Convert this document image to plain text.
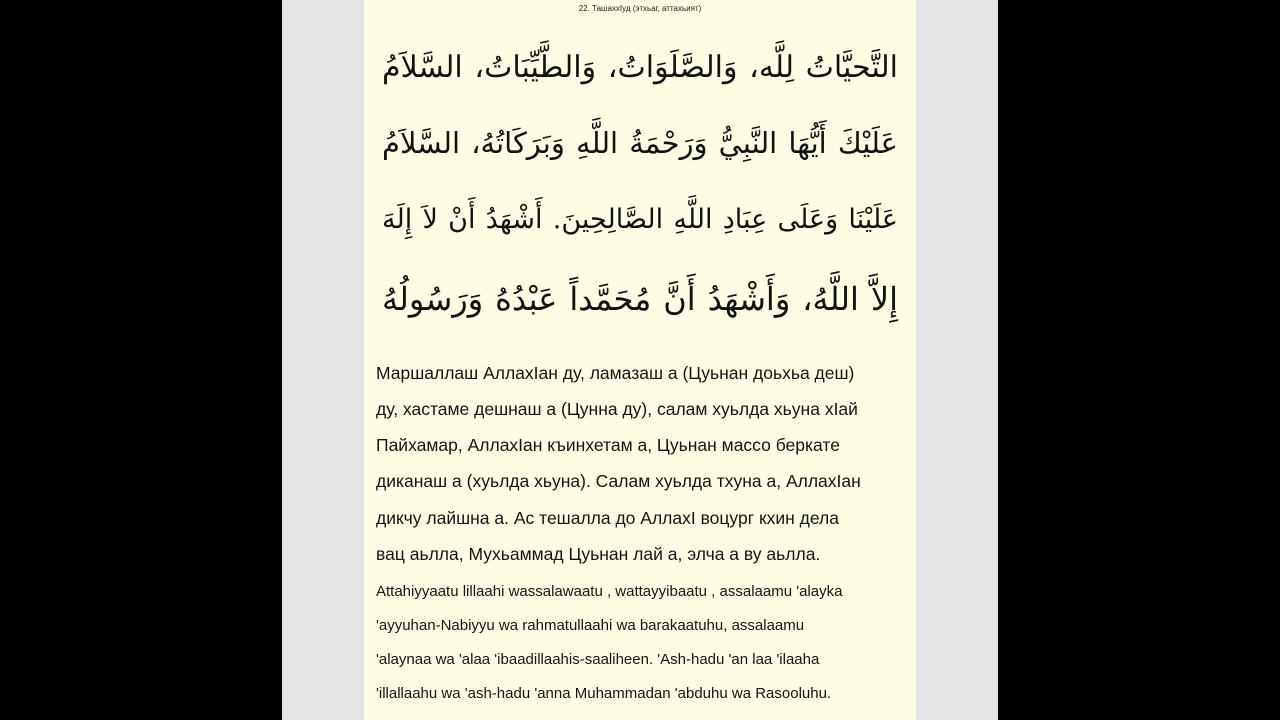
22. ТашаххӀуд (этхьаг, аттахьият)
التَّحيَّاتُ لِلَّه، وَالصَّلَوَاتُ، وَالطَّيِّبَاتُ، السَّلاَمُ
عَلَيْكَ أَيُّهَا النَّبِيُّ وَرَحْمَةُ اللَّهِ وَبَرَكَاتُهُ، السَّلاَمُ
عَلَيْنَا وَعَلَى عِبَادِ اللَّهِ الصَّالِحِينَ. أَشْهَدُ أَنْ لاَ إِلَهَ
إِلاَّ اللَّهُ، وَأَشْهَدُ أَنَّ مُحَمَّداً عَبْدُهُ وَرَسُولُهُ
Маршаллаш АллахӀан ду, ламазаш а (Цуьнан доьхьа деш)
ду, хастаме дешнаш а (Цунна ду), салам хуьлда хьуна хӀай
Пайхамар, АллахӀан къинхетам а, Цуьнан массо беркате
диканаш а (хуьлда хьуна). Салам хуьлда тхуна а, АллахӀан
дикчу лайшна а. Ас тешалла до АллахӀ воцург кхин дела
вац аьлла, Мухьаммад Цуьнан лай а, элча а ву аьлла.
Attahiyyaatu lillaahi wassalawaatu , wattayyibaatu , assalaamu 'alayka
'ayyuhan-Nabiyyu wa rahmatullaahi wa barakaatuhu, assalaamu
'alaynaa wa 'alaa 'ibaadillaahis-saaliheen. 'Ash-hadu 'an laa 'ilaaha
'illallaahu wa 'ash-hadu 'anna Muhammadan 'abduhu wa Rasooluhu.
